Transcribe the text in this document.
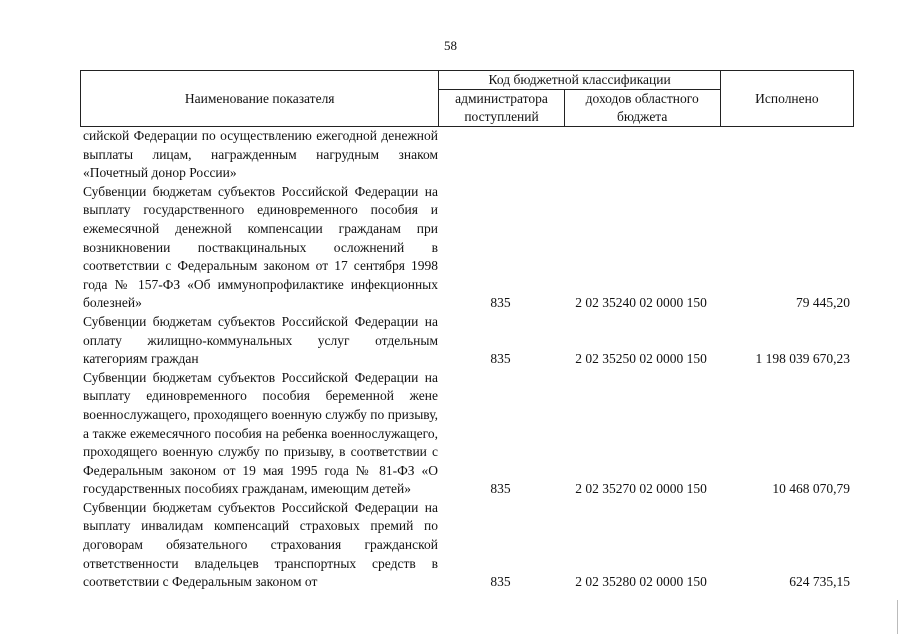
58
Наименование показателя	Код бюджетной классификации		Исполнено
	администратора поступлений	доходов областного бюджета	
сийской Федерации по осуществлению ежегодной денежной выплаты лицам, награжденным нагрудным знаком «Почетный донор России»
Субвенции бюджетам субъектов Российской Федерации на выплату государственного единовременного пособия и ежемесячной денежной компенсации гражданам при возникновении поствакцинальных осложнений в соответствии с Федеральным законом от 17 сентября 1998 года № 157-ФЗ «Об иммунопрофилактике инфекционных болезней»	835	2 02 35240 02 0000 150	79 445,20
Субвенции бюджетам субъектов Российской Федерации на оплату жилищно-коммунальных услуг отдельным категориям граждан	835	2 02 35250 02 0000 150	1 198 039 670,23
Субвенции бюджетам субъектов Российской Федерации на выплату единовременного пособия беременной жене военнослужащего, проходящего военную службу по призыву, а также ежемесячного пособия на ребенка военнослужащего, проходящего военную службу по призыву, в соответствии с Федеральным законом от 19 мая 1995 года № 81-ФЗ «О государственных пособиях гражданам, имеющим детей»	835	2 02 35270 02 0000 150	10 468 070,79
Субвенции бюджетам субъектов Российской Федерации на выплату инвалидам компенсаций страховых премий по договорам обязательного страхования гражданской ответственности владельцев транспортных средств в соответствии с Федеральным законом от	835	2 02 35280 02 0000 150	624 735,15
